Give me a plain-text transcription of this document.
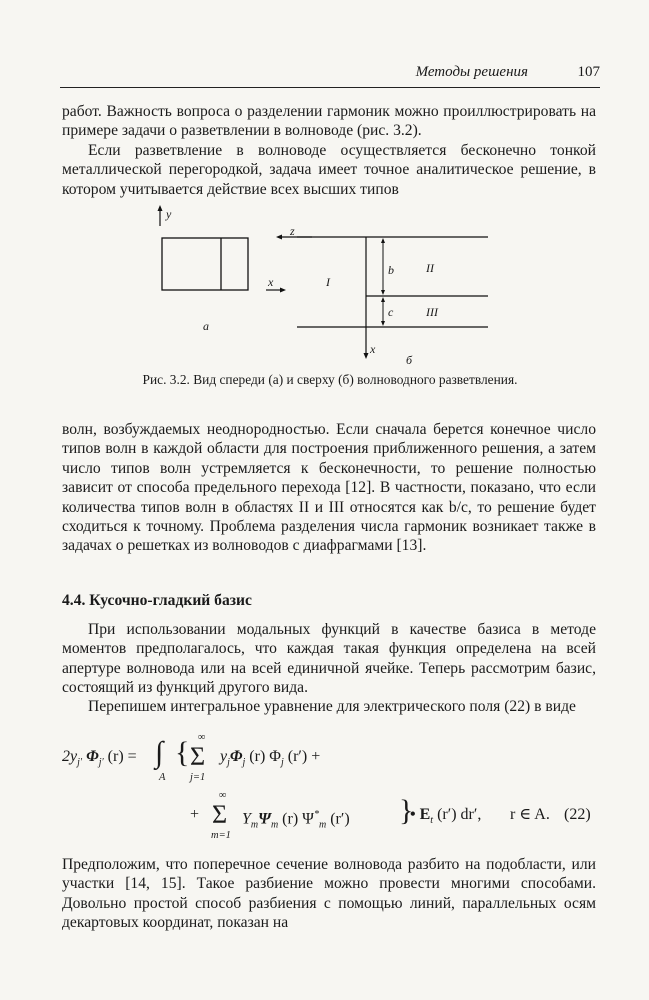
Методы решения	107

работ. Важность вопроса о разделении гармоник можно проиллюстрировать на примере задачи о разветвлении в волноводе (рис. 3.2).

Если разветвление в волноводе осуществляется бесконечно тонкой металлической перегородкой, задача имеет точное аналитическое решение, в котором учитывается действие всех высших типов

y
x
а
z
I
b	II
c	III
x
б

Рис. 3.2. Вид спереди (а) и сверху (б) волноводного разветвления.

волн, возбуждаемых неоднородностью. Если сначала берется конечное число типов волн в каждой области для построения приближенного решения, а затем число типов волн устремляется к бесконечности, то решение полностью зависит от способа предельного перехода [12]. В частности, показано, что если количества типов волн в областях II и III относятся как b/c, то решение будет сходиться к точному. Проблема разделения числа гармоник возникает также в задачах о решетках из волноводов с диафрагмами [13].

4.4. Кусочно-гладкий базис

При использовании модальных функций в качестве базиса в методе моментов предполагалось, что каждая такая функция определена на всей апертуре волновода или на всей единичной ячейке. Теперь рассмотрим базис, состоящий из функций другого вида.

Перепишем интегральное уравнение для электрического поля (22) в виде

$2y_{j'}$ $\Phi_{j'}$ (r) = ∫
A
{ ∞
Σ
j=1
$y_j\Phi_j$ (r) $\Phi_j$ (r′) +
+
∞
Σ
m=1
$Y_m\Psi_m$ (r) $\Psi^*_m$ (r′) }
• $E_t$ (r′) dr′, r ∈ A. (22)

Предположим, что поперечное сечение волновода разбито на подобласти, или участки [14, 15]. Такое разбиение можно провести многими способами. Довольно простой способ разбиения с помощью линий, параллельных осям декартовых координат, показан на
